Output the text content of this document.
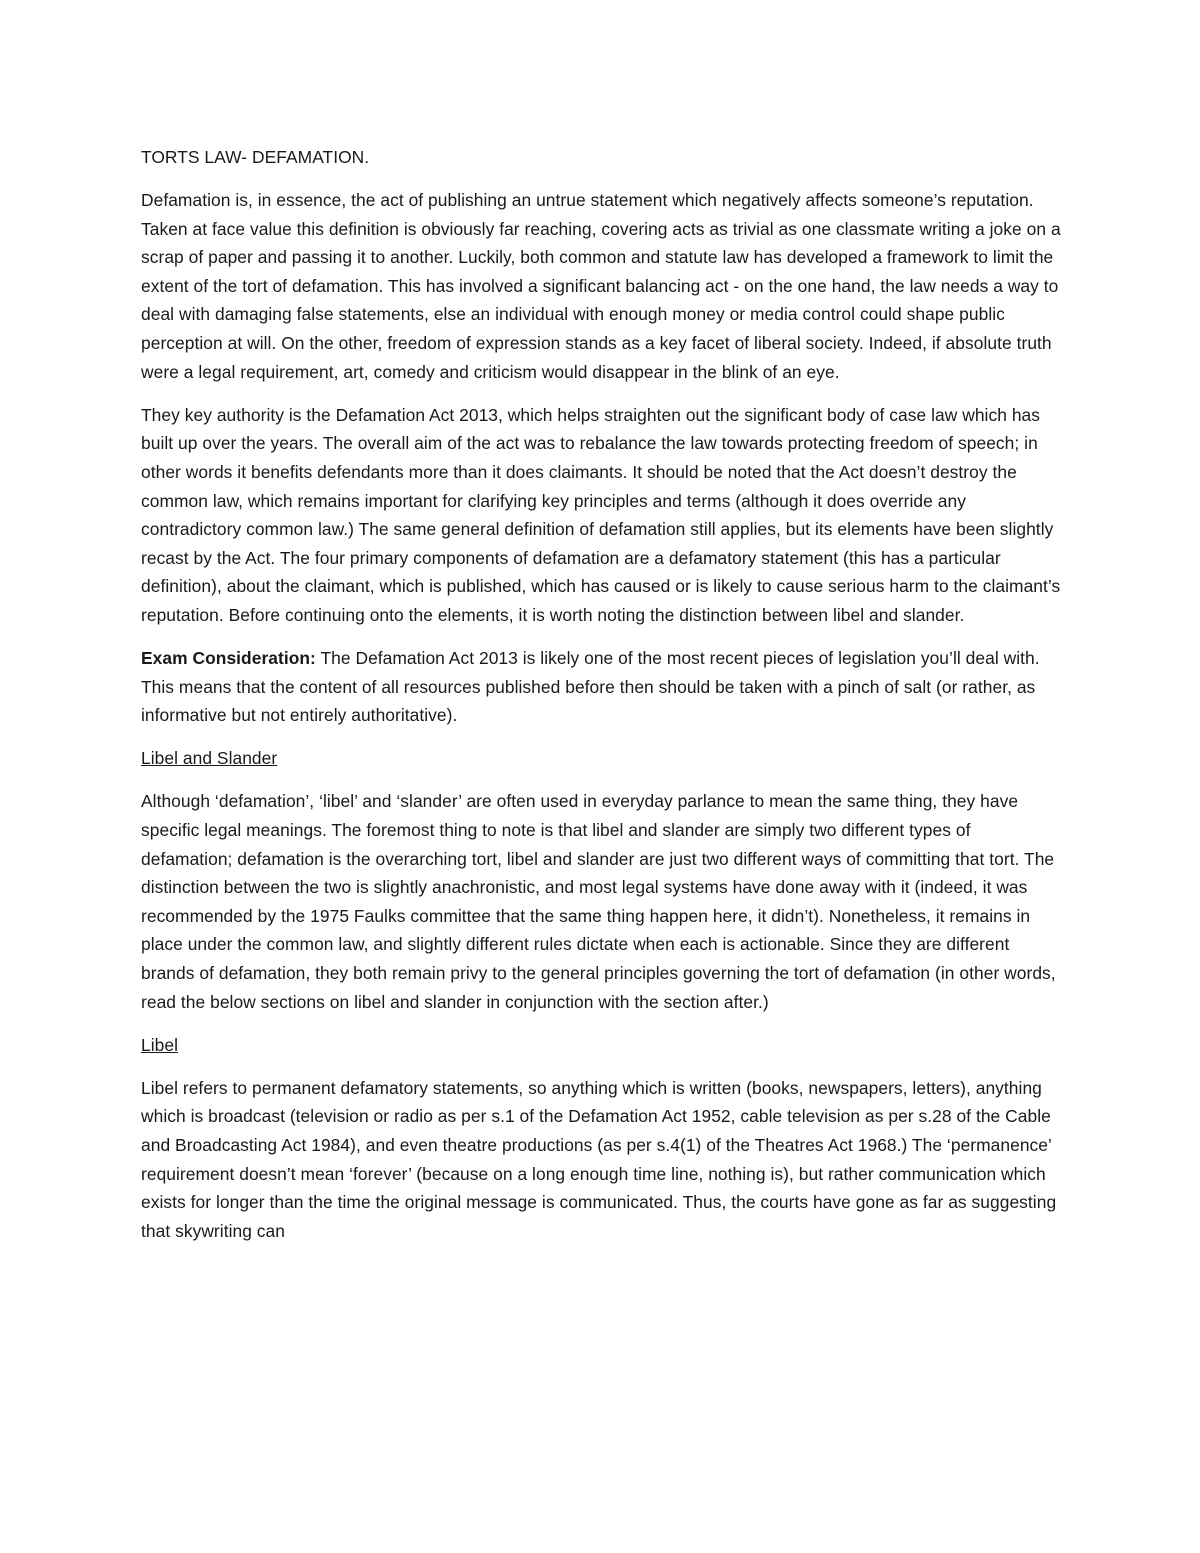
TORTS LAW- DEFAMATION.

Defamation is, in essence, the act of publishing an untrue statement which negatively affects someone’s reputation. Taken at face value this definition is obviously far reaching, covering acts as trivial as one classmate writing a joke on a scrap of paper and passing it to another. Luckily, both common and statute law has developed a framework to limit the extent of the tort of defamation. This has involved a significant balancing act - on the one hand, the law needs a way to deal with damaging false statements, else an individual with enough money or media control could shape public perception at will. On the other, freedom of expression stands as a key facet of liberal society. Indeed, if absolute truth were a legal requirement, art, comedy and criticism would disappear in the blink of an eye.

They key authority is the Defamation Act 2013, which helps straighten out the significant body of case law which has built up over the years. The overall aim of the act was to rebalance the law towards protecting freedom of speech; in other words it benefits defendants more than it does claimants. It should be noted that the Act doesn’t destroy the common law, which remains important for clarifying key principles and terms (although it does override any contradictory common law.) The same general definition of defamation still applies, but its elements have been slightly recast by the Act. The four primary components of defamation are a defamatory statement (this has a particular definition), about the claimant, which is published, which has caused or is likely to cause serious harm to the claimant’s reputation. Before continuing onto the elements, it is worth noting the distinction between libel and slander.

Exam Consideration: The Defamation Act 2013 is likely one of the most recent pieces of legislation you’ll deal with. This means that the content of all resources published before then should be taken with a pinch of salt (or rather, as informative but not entirely authoritative).

Libel and Slander

Although ‘defamation’, ‘libel’ and ‘slander’ are often used in everyday parlance to mean the same thing, they have specific legal meanings. The foremost thing to note is that libel and slander are simply two different types of defamation; defamation is the overarching tort, libel and slander are just two different ways of committing that tort. The distinction between the two is slightly anachronistic, and most legal systems have done away with it (indeed, it was recommended by the 1975 Faulks committee that the same thing happen here, it didn’t). Nonetheless, it remains in place under the common law, and slightly different rules dictate when each is actionable. Since they are different brands of defamation, they both remain privy to the general principles governing the tort of defamation (in other words, read the below sections on libel and slander in conjunction with the section after.)

Libel

Libel refers to permanent defamatory statements, so anything which is written (books, newspapers, letters), anything which is broadcast (television or radio as per s.1 of the Defamation Act 1952, cable television as per s.28 of the Cable and Broadcasting Act 1984), and even theatre productions (as per s.4(1) of the Theatres Act 1968.) The ‘permanence’ requirement doesn’t mean ‘forever’ (because on a long enough time line, nothing is), but rather communication which exists for longer than the time the original message is communicated. Thus, the courts have gone as far as suggesting that skywriting can
